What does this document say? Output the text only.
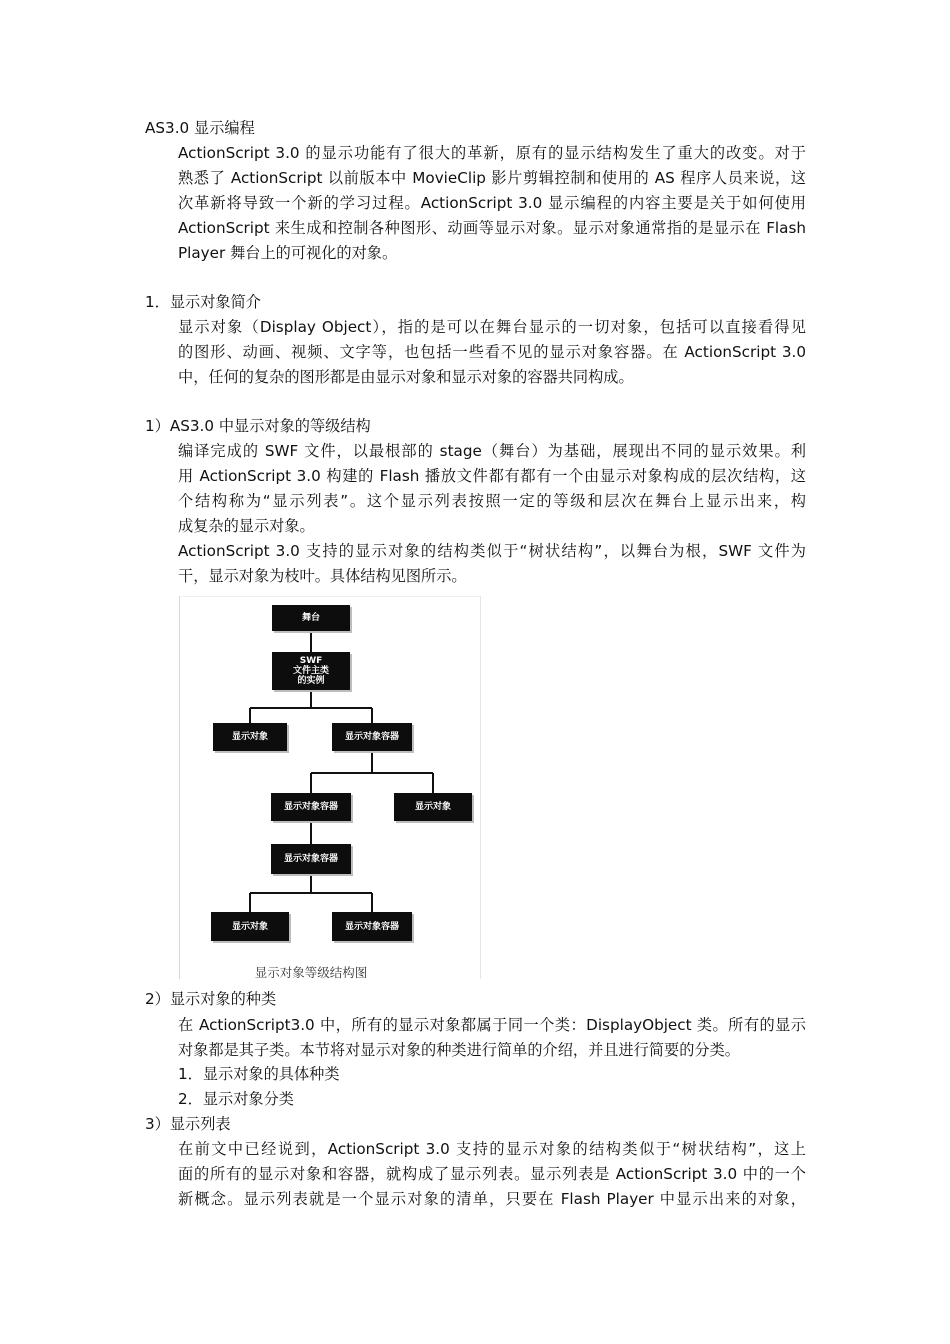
AS3.0 显示编程
ActionScript 3.0 的显示功能有了很大的革新，原有的显示结构发生了重大的改变。对于
熟悉了 ActionScript 以前版本中 MovieClip 影片剪辑控制和使用的 AS 程序人员来说，这
次革新将导致一个新的学习过程。ActionScript 3.0 显示编程的内容主要是关于如何使用
ActionScript 来生成和控制各种图形、动画等显示对象。显示对象通常指的是显示在 Flash
Player 舞台上的可视化的对象。
1．显示对象简介
显示对象（Display Object），指的是可以在舞台显示的一切对象，包括可以直接看得见
的图形、动画、视频、文字等，也包括一些看不见的显示对象容器。在 ActionScript 3.0
中，任何的复杂的图形都是由显示对象和显示对象的容器共同构成。
1）AS3.0 中显示对象的等级结构
编译完成的 SWF 文件，以最根部的 stage（舞台）为基础，展现出不同的显示效果。利
用 ActionScript 3.0 构建的 Flash 播放文件都有都有一个由显示对象构成的层次结构，这
个结构称为“显示列表”。这个显示列表按照一定的等级和层次在舞台上显示出来，构
成复杂的显示对象。
ActionScript 3.0 支持的显示对象的结构类似于“树状结构”，以舞台为根，SWF 文件为
干，显示对象为枝叶。具体结构见图所示。
舞台
SWF
文件主类
的实例
显示对象	显示对象容器
显示对象容器	显示对象
显示对象容器
显示对象	显示对象容器
显示对象等级结构图
2）显示对象的种类
在 ActionScript3.0 中，所有的显示对象都属于同一个类：DisplayObject 类。所有的显示
对象都是其子类。本节将对显示对象的种类进行简单的介绍，并且进行简要的分类。
1．显示对象的具体种类
2．显示对象分类
3）显示列表
在前文中已经说到，ActionScript 3.0 支持的显示对象的结构类似于“树状结构”，这上
面的所有的显示对象和容器，就构成了显示列表。显示列表是 ActionScript 3.0 中的一个
新概念。显示列表就是一个显示对象的清单，只要在 Flash Player 中显示出来的对象，
